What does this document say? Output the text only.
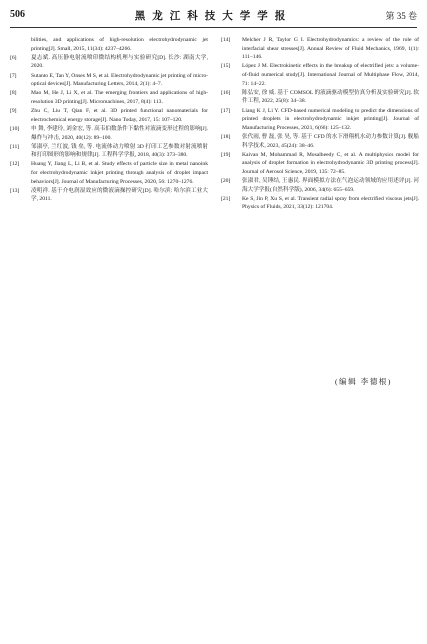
506	黑龙江科技大学学报	第 35 卷
bilities, and applications of high-resolution electrohydrodynamic jet printing[J]. Small, 2015, 11(34): 4237–4266.
[6]	夏志斌. 高压静电射流喷印微结构机理与实验研究[D]. 长沙: 湖南大学, 2020.
[7]	Sutanto E, Tan Y, Onses M S, et al. Electrohydrodynamic jet printing of micro-optical devices[J]. Manufacturing Letters, 2014, 2(1): 4–7.
[8]	Mao M, He J, Li X, et al. The emerging frontiers and applications of high-resolution 3D printing[J]. Micromachines, 2017, 8(4): 113.
[9]	Zhu C, Liu T, Qian F, et al. 3D printed functional nanomaterials for electrochemical energy storage[J]. Nano Today, 2017, 15: 107–120.
[10]	申 舞, 李建玲, 刘金宏, 等. 高韦伯数条件下黏性对液滴变形过程的影响[J]. 爆炸与冲击, 2020, 40(12): 89–100.
[11]	邹淑亭, 兰红波, 钱 垒, 等. 电流体动力喷射 3D 打印工艺参数对射流喷射和打印图形的影响和规律[J]. 工程科学学报, 2018, 40(3): 373–380.
[12]	Huang Y, Jiang L, Li B, et al. Study effects of particle size in metal nanoink for electrohydrodynamic inkjet printing through analysis of droplet impact behaviors[J]. Journal of Manufacturing Processes, 2020, 56: 1270–1276.
[13]	凌明祥. 基于介电润湿效应的微液滴操控研究[D]. 哈尔滨: 哈尔滨工业大学, 2011.
[14]	Melcher J R, Taylor G I. Electrohydrodynamics: a review of the role of interfacial shear stresses[J]. Annual Review of Fluid Mechanics, 1969, 1(1): 111–146.
[15]	López J M. Electrokinetic effects in the breakup of electrified jets: a volume-of-fluid numerical study[J]. International Journal of Multiphase Flow, 2014, 71: 14–22.
[16]	陈弘安, 徐 威. 基于 COMSOL 的液滴驱动模型仿真分析及实验研究[J]. 软件工程, 2022, 25(8): 34–38.
[17]	Liang K J, Li Y. CFD-based numerical modeling to predict the dimensions of printed droplets in electrohydrodynamic inkjet printing[J]. Journal of Manufacturing Processes, 2021, 6(66): 125–132.
[18]	张代雨, 曹 磊, 张 昊, 等. 基于 CFD 的水下滑翔机水动力参数计算[J]. 舰船科学技术, 2023, 45(24): 38–46.
[19]	Kaivan M, Mohammad R, Mosalheedy C, et al. A multiphysics model for analysis of droplet formation in electrohydrodynamic 3D printing process[J]. Journal of Aerosol Science, 2019, 135: 72–85.
[20]	张淑君, 吴锤结, 王惠民. 界面模拟方法在气泡运动领域的应用述评[J]. 河海大学学报(自然科学版), 2006, 34(6): 655–659.
[21]	Ke S, Jin P, Xu S, et al. Transient radial spray from electrified viscous jets[J]. Physics of Fluids, 2021, 33(12): 121704.
(编辑 李德根)
